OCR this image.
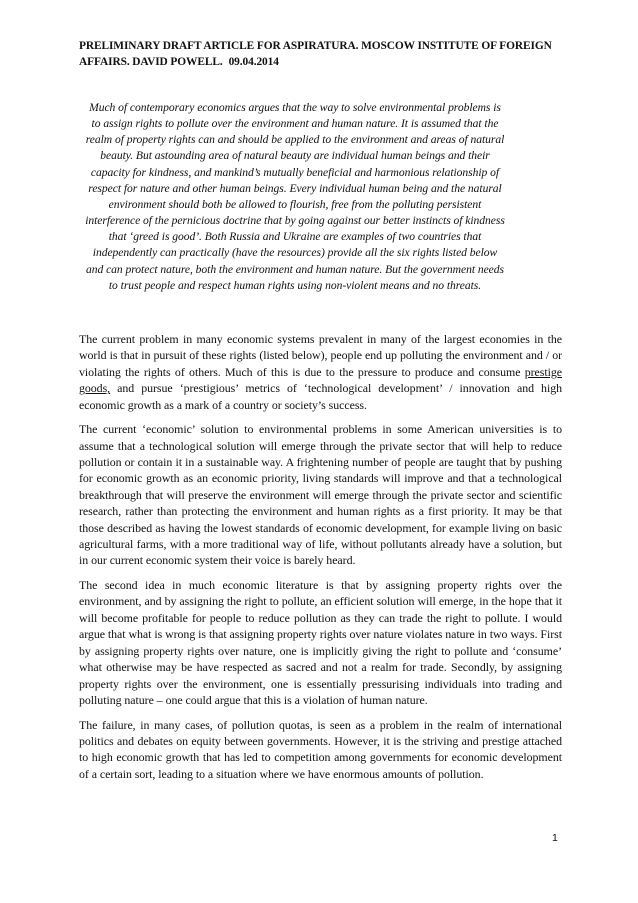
PRELIMINARY DRAFT ARTICLE FOR ASPIRATURA. MOSCOW INSTITUTE OF FOREIGN

AFFAIRS. DAVID POWELL. 09.04.2014
Much of contemporary economics argues that the way to solve environmental problems is to assign rights to pollute over the environment and human nature. It is assumed that the realm of property rights can and should be applied to the environment and areas of natural beauty. But astounding area of natural beauty are individual human beings and their capacity for kindness, and mankind’s mutually beneficial and harmonious relationship of respect for nature and other human beings. Every individual human being and the natural environment should both be allowed to flourish, free from the polluting persistent interference of the pernicious doctrine that by going against our better instincts of kindness that ‘greed is good’. Both Russia and Ukraine are examples of two countries that independently can practically (have the resources) provide all the six rights listed below and can protect nature, both the environment and human nature. But the government needs to trust people and respect human rights using non-violent means and no threats.

The current problem in many economic systems prevalent in many of the largest economies in the world is that in pursuit of these rights (listed below), people end up polluting the environment and / or violating the rights of others. Much of this is due to the pressure to produce and consume prestige goods, and pursue ‘prestigious’ metrics of ‘technological development’ / innovation and high economic growth as a mark of a country or society’s success.

The current ‘economic’ solution to environmental problems in some American universities is to assume that a technological solution will emerge through the private sector that will help to reduce pollution or contain it in a sustainable way. A frightening number of people are taught that by pushing for economic growth as an economic priority, living standards will improve and that a technological breakthrough that will preserve the environment will emerge through the private sector and scientific research, rather than protecting the environment and human rights as a first priority. It may be that those described as having the lowest standards of economic development, for example living on basic agricultural farms, with a more traditional way of life, without pollutants already have a solution, but in our current economic system their voice is barely heard.

The second idea in much economic literature is that by assigning property rights over the environment, and by assigning the right to pollute, an efficient solution will emerge, in the hope that it will become profitable for people to reduce pollution as they can trade the right to pollute. I would argue that what is wrong is that assigning property rights over nature violates nature in two ways. First by assigning property rights over nature, one is implicitly giving the right to pollute and ‘consume’ what otherwise may be have respected as sacred and not a realm for trade. Secondly, by assigning property rights over the environment, one is essentially pressurising individuals into trading and polluting nature – one could argue that this is a violation of human nature.

The failure, in many cases, of pollution quotas, is seen as a problem in the realm of international politics and debates on equity between governments. However, it is the striving and prestige attached to high economic growth that has led to competition among governments for economic development of a certain sort, leading to a situation where we have enormous amounts of pollution.

1
